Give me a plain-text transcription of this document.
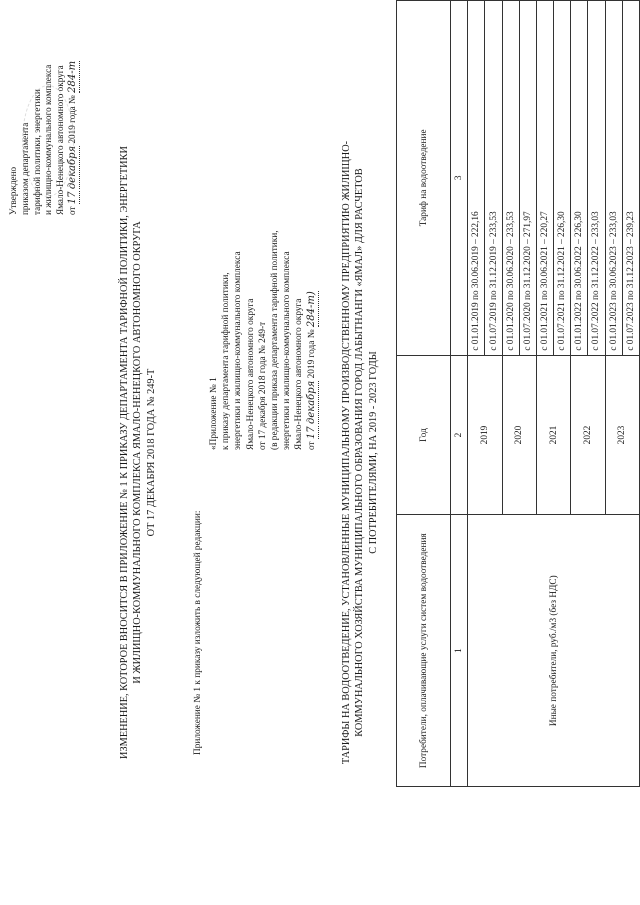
Утверждено приказом департамента тарифной политики, энергетики и жилищно-коммунального комплекса Ямало-Ненецкого автономного округа от 17 декабря 2019 года № 284-т
ИЗМЕНЕНИЕ, КОТОРОЕ ВНОСИТСЯ В ПРИЛОЖЕНИЕ № 1 К ПРИКАЗУ ДЕПАРТАМЕНТА ТАРИФНОЙ ПОЛИТИКИ, ЭНЕРГЕТИКИ И ЖИЛИЩНО-КОММУНАЛЬНОГО КОМПЛЕКСА ЯМАЛО-НЕНЕЦКОГО АВТОНОМНОГО ОКРУГА ОТ 17 ДЕКАБРЯ 2018 ГОДА № 249-Т
Приложение № 1 к приказу изложить в следующей редакции:
«Приложение № 1 к приказу департамента тарифной политики, энергетики и жилищно-коммунального комплекса Ямало-Ненецкого автономного округа от 17 декабря 2018 года № 249-т (в редакции приказа департамента тарифной политики, энергетики и жилищно-коммунального комплекса Ямало-Ненецкого автономного округа от 17 декабря 2019 года № 284-т) ТАРИФЫ НА ВОДООТВЕДЕНИЕ, УСТАНОВЛЕННЫЕ МУНИЦИПАЛЬНОМУ ПРОИЗВОДСТВЕННОМУ ПРЕДПРИЯТИЮ ЖИЛИЩНО- КОММУНАЛЬНОГО ХОЗЯЙСТВА МУНИЦИПАЛЬНОГО ОБРАЗОВАНИЯ ГОРОД ЛАБЫТНАНГИ «ЯМАЛ» ДЛЯ РАСЧЕТОВ С ПОТРЕБИТЕЛЯМИ, НА 2019 - 2023 ГОДЫ
Потребители, оплачивающие услуги систем водоотведения	Год	Тариф на водоотведение
1	2	3
Иные потребители, руб./м3 (без НДС)	2019	с 01.01.2019 по 30.06.2019 – 222,16
		с 01.07.2019 по 31.12.2019 – 233,53
	2020	с 01.01.2020 по 30.06.2020 – 233,53
		с 01.07.2020 по 31.12.2020 – 271,97
	2021	с 01.01.2021 по 30.06.2021 – 220,27
		с 01.07.2021 по 31.12.2021 – 226,30
	2022	с 01.01.2022 по 30.06.2022 – 226,30
		с 01.07.2022 по 31.12.2022 – 233,03
	2023	с 01.01.2023 по 30.06.2023 – 233,03
		с 01.07.2023 по 31.12.2023 – 239,23
